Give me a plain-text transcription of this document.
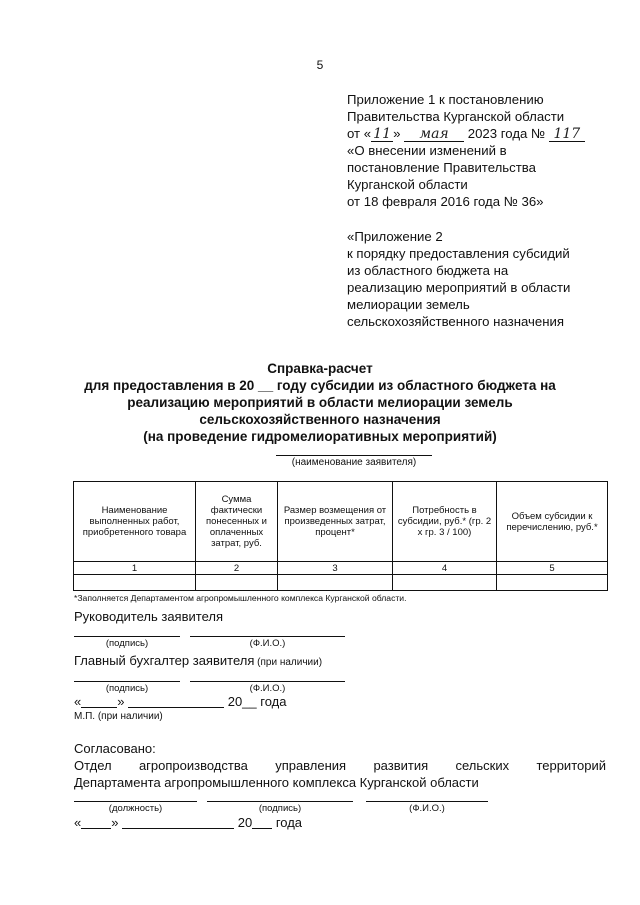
5
Приложение 1 к постановлению
Правительства Курганской области
от « 11 » мая 2023 года № 117
«О внесении изменений в
постановление Правительства
Курганской области
от 18 февраля 2016 года № 36»
«Приложение 2
к порядку предоставления субсидий
из областного бюджета на
реализацию мероприятий в области
мелиорации земель
сельскохозяйственного назначения
Справка-расчет
для предоставления в 20 __ году субсидии из областного бюджета на
реализацию мероприятий в области мелиорации земель
сельскохозяйственного назначения
(на проведение гидромелиоративных мероприятий)
(наименование заявителя)
Наименование выполненных работ, приобретенного товара	Сумма фактически понесенных и оплаченных затрат, руб.	Размер возмещения от произведенных затрат, процент*	Потребность в субсидии, руб.* (гр. 2 х гр. 3 / 100)	Объем субсидии к перечислению, руб.*
1	2	3	4	5

*Заполняется Департаментом агропромышленного комплекса Курганской области.
Руководитель заявителя
(подпись)	(Ф.И.О.)
Главный бухгалтер заявителя (при наличии)
(подпись)	(Ф.И.О.)
«	»	20__ года
М.П. (при наличии)
Согласовано:
Отдел агропроизводства управления развития сельских территорий
Департамента агропромышленного комплекса Курганской области
(должность)	(подпись)	(Ф.И.О.)
« »	20 года
